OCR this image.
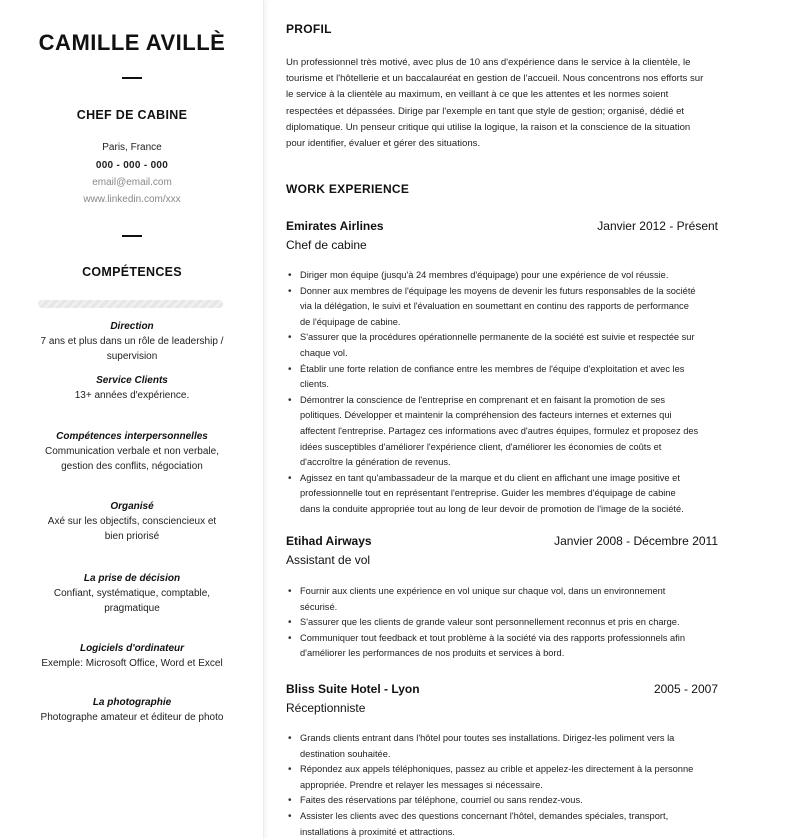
CAMILLE AVILLÈ
CHEF DE CABINE
Paris, France
000 - 000 - 000
email@email.com
www.linkedin.com/xxx
COMPÉTENCES
Direction
7 ans et plus dans un rôle de leadership /
supervision
Service Clients
13+ années d'expérience.
Compétences interpersonnelles
Communication verbale et non verbale,
gestion des conflits, négociation
Organisé
Axé sur les objectifs, consciencieux et
bien priorisé
La prise de décision
Confiant, systématique, comptable,
pragmatique
Logiciels d'ordinateur
Exemple: Microsoft Office, Word et Excel
La photographie
Photographe amateur et éditeur de photo
PROFIL
Un professionnel très motivé, avec plus de 10 ans d'expérience dans le service à la clientèle, le
tourisme et l'hôtellerie et un baccalauréat en gestion de l'accueil. Nous concentrons nos efforts sur
le service à la clientèle au maximum, en veillant à ce que les attentes et les normes soient
respectées et dépassées. Dirige par l'exemple en tant que style de gestion; organisé, dédié et
diplomatique. Un penseur critique qui utilise la logique, la raison et la conscience de la situation
pour identifier, évaluer et gérer des situations.
WORK EXPERIENCE
Emirates Airlines	Janvier 2012 - Présent
Chef de cabine
• Diriger mon équipe (jusqu'à 24 membres d'équipage) pour une expérience de vol réussie.
• Donner aux membres de l'équipage les moyens de devenir les futurs responsables de la société
via la délégation, le suivi et l'évaluation en soumettant en continu des rapports de performance
de l'équipage de cabine.
• S'assurer que la procédures opérationnelle permanente de la société est suivie et respectée sur
chaque vol.
• Établir une forte relation de confiance entre les membres de l'équipe d'exploitation et avec les
clients.
• Démontrer la conscience de l'entreprise en comprenant et en faisant la promotion de ses
politiques. Développer et maintenir la compréhension des facteurs internes et externes qui
affectent l'entreprise. Partagez ces informations avec d'autres équipes, formulez et proposez des
idées susceptibles d'améliorer l'expérience client, d'améliorer les économies de coûts et
d'accroître la génération de revenus.
• Agissez en tant qu'ambassadeur de la marque et du client en affichant une image positive et
professionnelle tout en représentant l'entreprise. Guider les membres d'équipage de cabine
dans la conduite appropriée tout au long de leur devoir de promotion de l'image de la société.
Etihad Airways	Janvier 2008 - Décembre 2011
Assistant de vol
• Fournir aux clients une expérience en vol unique sur chaque vol, dans un environnement
sécurisé.
• S'assurer que les clients de grande valeur sont personnellement reconnus et pris en charge.
• Communiquer tout feedback et tout problème à la société via des rapports professionnels afin
d'améliorer les performances de nos produits et services à bord.
Bliss Suite Hotel - Lyon	2005 - 2007
Réceptionniste
• Grands clients entrant dans l'hôtel pour toutes ses installations. Dirigez-les poliment vers la
destination souhaitée.
• Répondez aux appels téléphoniques, passez au crible et appelez-les directement à la personne
appropriée. Prendre et relayer les messages si nécessaire.
• Faites des réservations par téléphone, courriel ou sans rendez-vous.
• Assister les clients avec des questions concernant l'hôtel, demandes spéciales, transport,
installations à proximité et attractions.
